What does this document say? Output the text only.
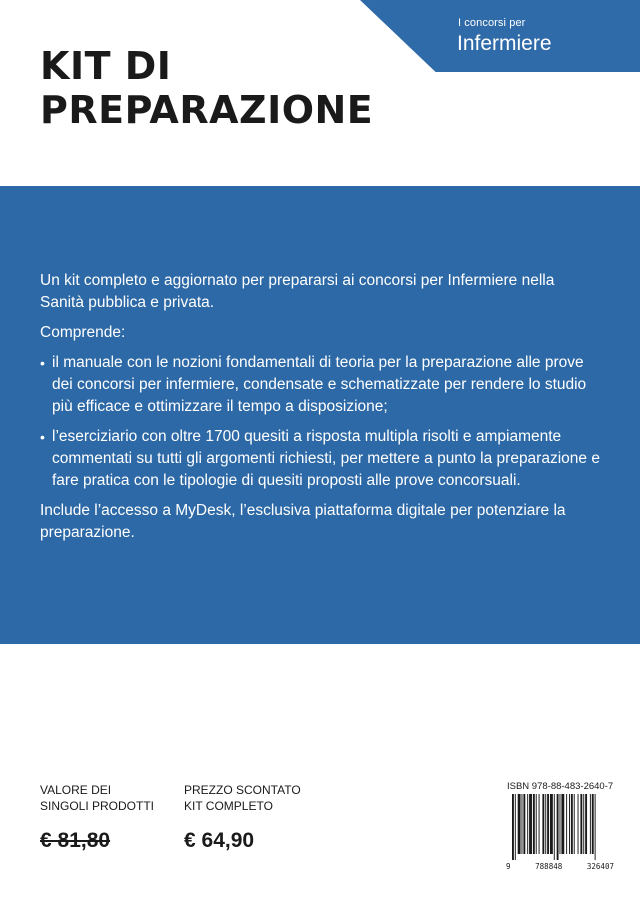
I concorsi per
Infermiere
KIT DI
PREPARAZIONE

Un kit completo e aggiornato per prepararsi ai concorsi per Infermiere nella Sanità pubblica e privata.

Comprende:

• il manuale con le nozioni fondamentali di teoria per la preparazione alle prove dei concorsi per infermiere, condensate e schematizzate per rendere lo studio più efficace e ottimizzare il tempo a disposizione;
• l’eserciziario con oltre 1700 quesiti a risposta multipla risolti e ampiamente commentati su tutti gli argomenti richiesti, per mettere a punto la preparazione e fare pratica con le tipologie di quesiti proposti alle prove concorsuali.

Include l’accesso a MyDesk, l’esclusiva piattaforma digitale per potenziare la preparazione.

VALORE DEI
SINGOLI PRODOTTI
€ 81,80
PREZZO SCONTATO
KIT COMPLETO
€ 64,90
ISBN 978-88-483-2640-7
9	788848	326407
